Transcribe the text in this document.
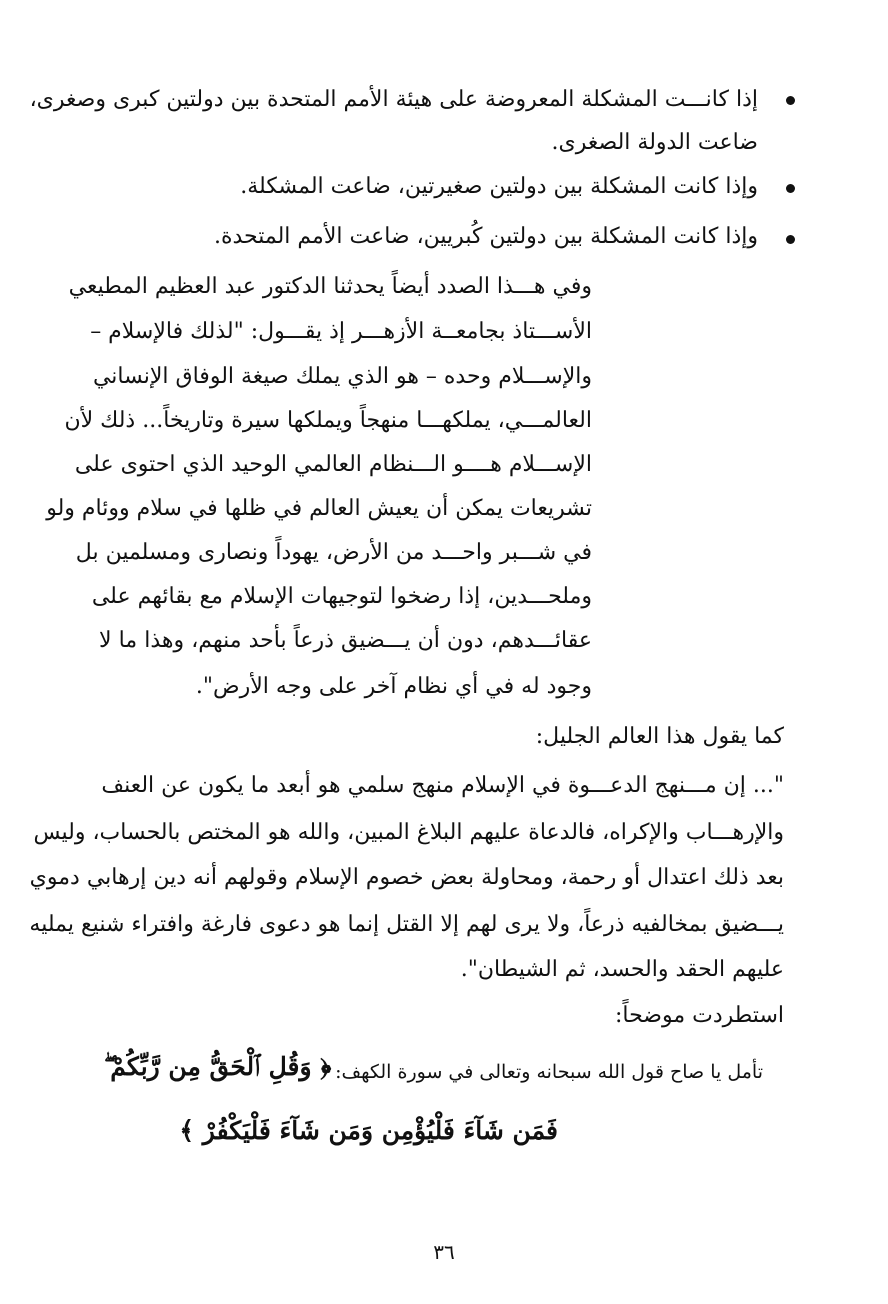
إذا كانـــت المشكلة المعروضة على هيئة الأمم المتحدة بين دولتين كبرى وصغرى،
ضاعت الدولة الصغرى.
وإذا كانت المشكلة بين دولتين صغيرتين، ضاعت المشكلة.
وإذا كانت المشكلة بين دولتين كُبريين، ضاعت الأمم المتحدة.
وفي هـــذا الصدد أيضاً يحدثنا الدكتور عبد العظيم المطيعي
الأســـتاذ بجامعــة الأزهـــر إذ يقـــول: "لذلك فالإسلام –
والإســـلام وحده – هو الذي يملك صيغة الوفاق الإنساني
العالمـــي، يملكهـــا منهجاً ويملكها سيرة وتاريخاً... ذلك لأن
الإســـلام هــــو الـــنظام العالمي الوحيد الذي احتوى على
تشريعات يمكن أن يعيش العالم في ظلها في سلام ووئام ولو
في شـــبر واحـــد من الأرض، يهوداً ونصارى ومسلمين بل
وملحـــدين، إذا رضخوا لتوجيهات الإسلام مع بقائهم على
عقائـــدهم، دون أن يـــضيق ذرعاً بأحد منهم، وهذا ما لا
وجود له في أي نظام آخر على وجه الأرض".
كما يقول هذا العالم الجليل:
"... إن مـــنهج الدعـــوة في الإسلام منهج سلمي هو أبعد ما يكون عن العنف
والإرهـــاب والإكراه، فالدعاة عليهم البلاغ المبين، والله هو المختص بالحساب، وليس
بعد ذلك اعتدال أو رحمة، ومحاولة بعض خصوم الإسلام وقولهم أنه دين إرهابي دموي
يـــضيق بمخالفيه ذرعاً، ولا يرى لهم إلا القتل إنما هو دعوى فارغة وافتراء شنيع يمليه
عليهم الحقد والحسد، ثم الشيطان".
استطردت موضحاً:
تأمل يا صاح قول الله سبحانه وتعالى في سورة الكهف:
﴿ وَقُلِ ٱلْحَقُّ مِن رَّبِّكُمْ ۖ
فَمَن شَآءَ فَلْيُؤْمِن وَمَن شَآءَ فَلْيَكْفُرْ ﴾
٣٦
